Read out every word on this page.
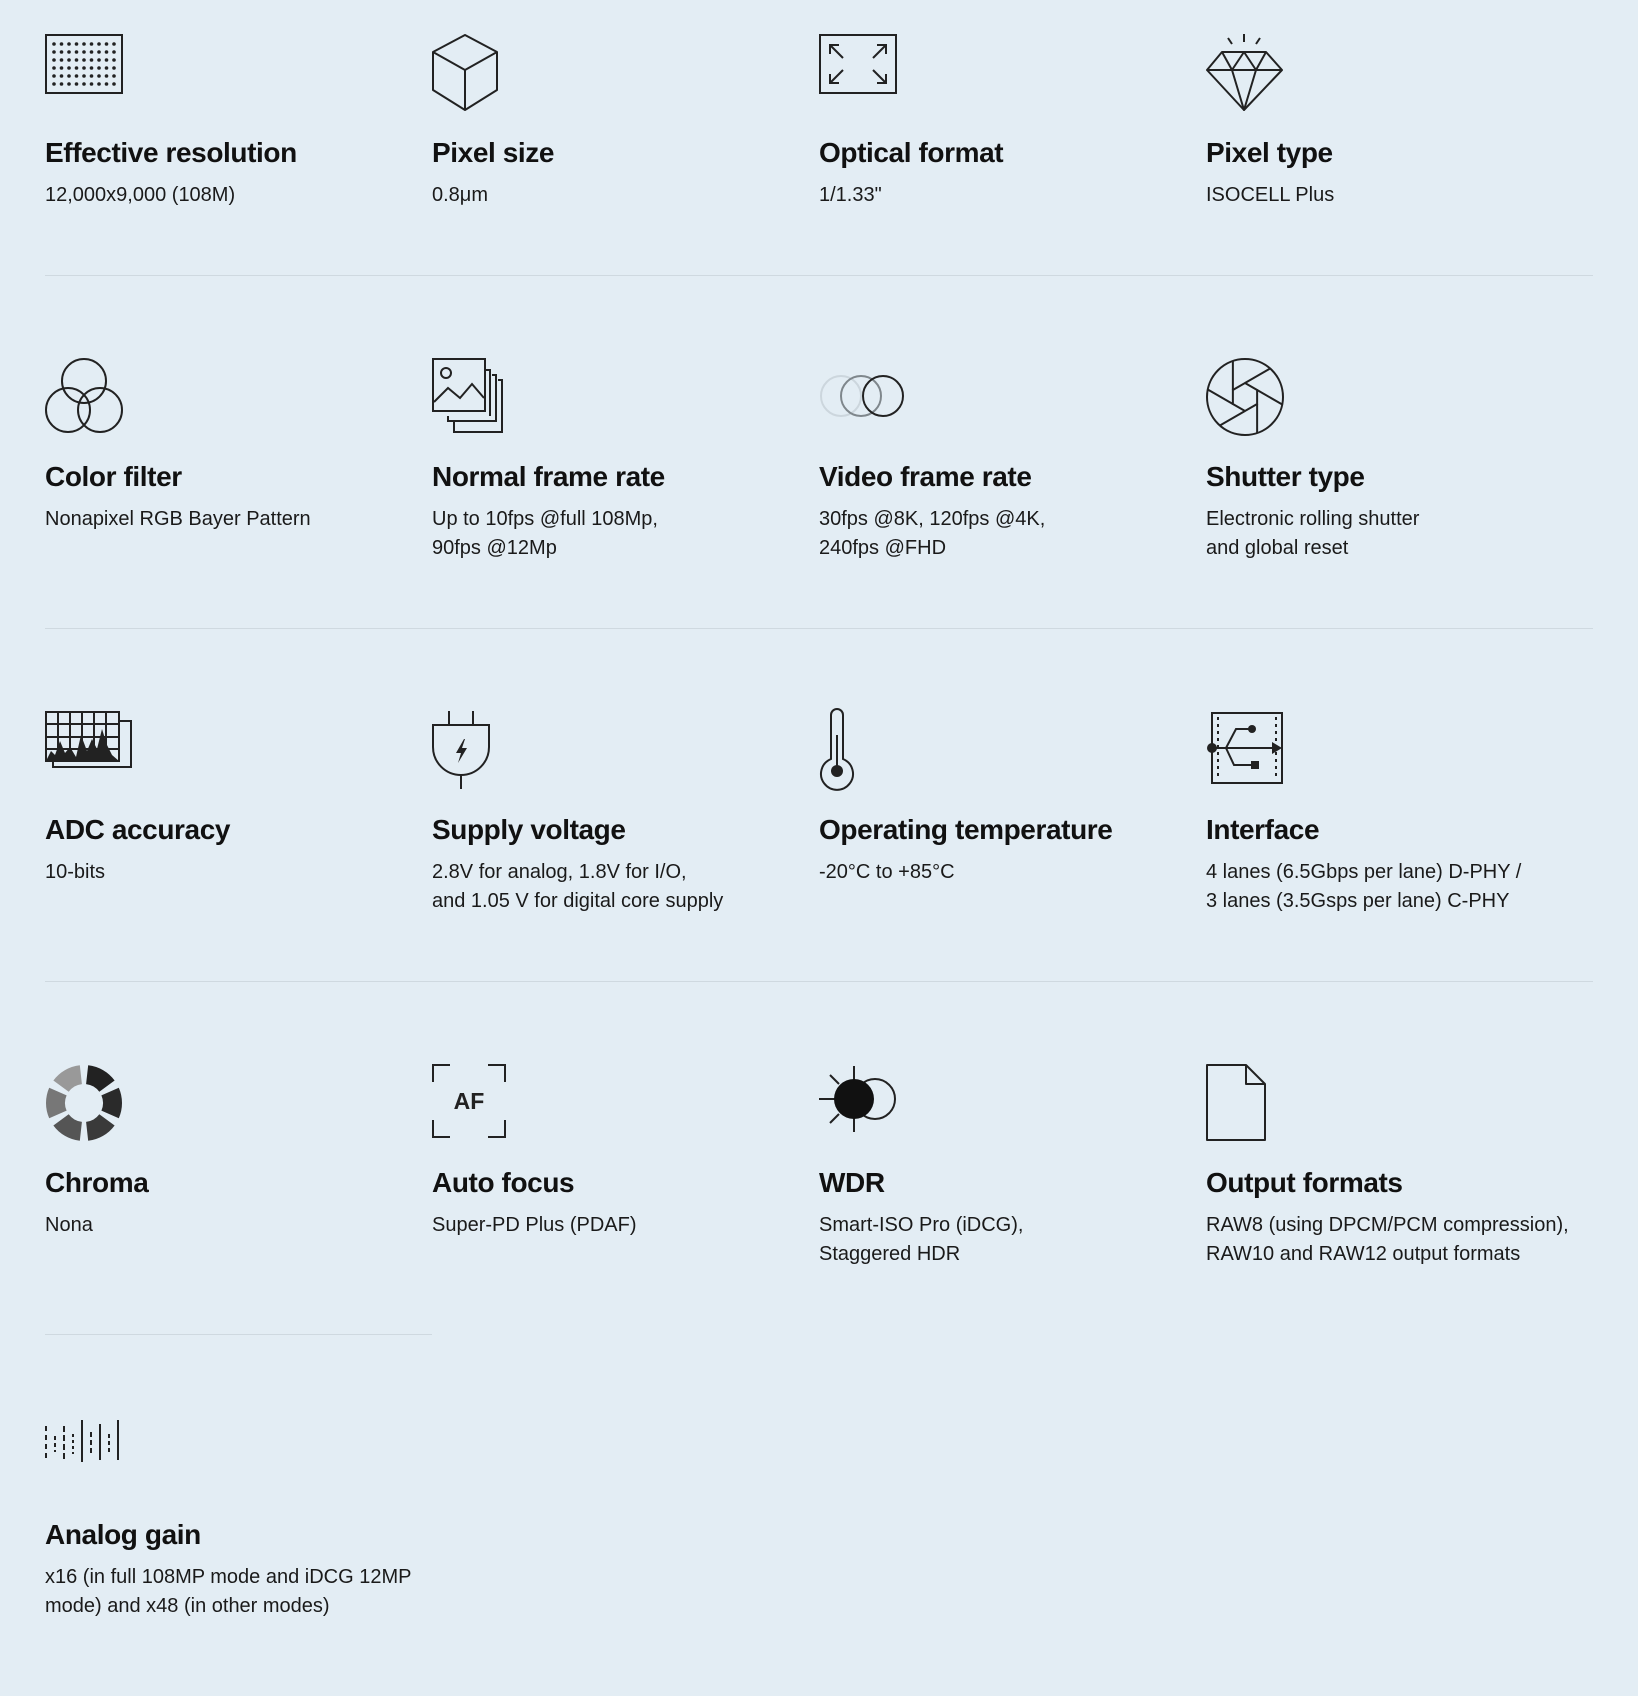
Effective resolution
12,000x9,000 (108M)
Pixel size
0.8μm
Optical format
1/1.33"
Pixel type
ISOCELL Plus
Color filter
Nonapixel RGB Bayer Pattern
Normal frame rate
Up to 10fps @full 108Mp,
90fps @12Mp
Video frame rate
30fps @8K, 120fps @4K,
240fps @FHD
Shutter type
Electronic rolling shutter
and global reset
ADC accuracy
10-bits
Supply voltage
2.8V for analog, 1.8V for I/O,
and 1.05 V for digital core supply
Operating temperature
-20°C to +85°C
Interface
4 lanes (6.5Gbps per lane) D-PHY /
3 lanes (3.5Gsps per lane) C-PHY
Chroma
Nona
AF
Auto focus
Super-PD Plus (PDAF)
WDR
Smart-ISO Pro (iDCG),
Staggered HDR
Output formats
RAW8 (using DPCM/PCM compression),
RAW10 and RAW12 output formats
Analog gain
x16 (in full 108MP mode and iDCG 12MP
mode) and x48 (in other modes)
